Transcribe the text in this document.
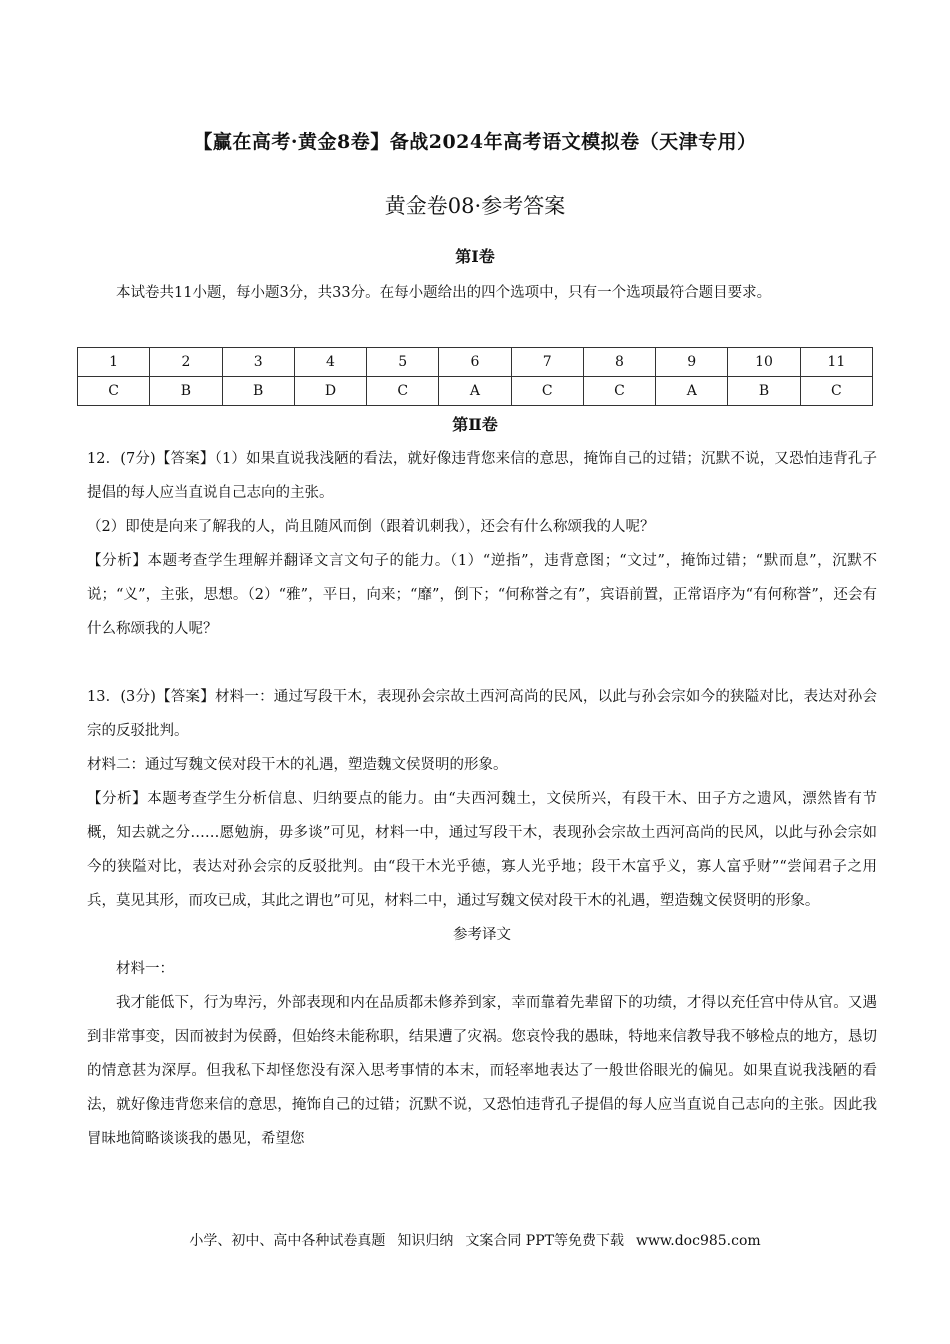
【赢在高考·黄金8卷】备战2024年高考语文模拟卷（天津专用）
黄金卷08·参考答案
第Ⅰ卷
本试卷共11小题，每小题3分，共33分。在每小题给出的四个选项中，只有一个选项最符合题目要求。
1	2	3	4	5	6	7	8	9	10	11
C	B	B	D	C	A	C	C	A	B	C
第Ⅱ卷

12．(7分)【答案】（1）如果直说我浅陋的看法，就好像违背您来信的意思，掩饰自己的过错；沉默不说，又恐怕违背孔子提倡的每人应当直说自己志向的主张。

（2）即使是向来了解我的人，尚且随风而倒（跟着讥刺我），还会有什么称颂我的人呢？

【分析】本题考查学生理解并翻译文言文句子的能力。（1）“逆指”，违背意图；“文过”，掩饰过错；“默而息”，沉默不说；“义”，主张，思想。（2）“雅”，平日，向来；“靡”，倒下；“何称誉之有”，宾语前置，正常语序为“有何称誉”，还会有什么称颂我的人呢？

13．(3分)【答案】材料一：通过写段干木，表现孙会宗故土西河高尚的民风，以此与孙会宗如今的狭隘对比，表达对孙会宗的反驳批判。

材料二：通过写魏文侯对段干木的礼遇，塑造魏文侯贤明的形象。

【分析】本题考查学生分析信息、归纳要点的能力。由“夫西河魏土，文侯所兴，有段干木、田子方之遗风，漂然皆有节概，知去就之分……愿勉旃，毋多谈”可见，材料一中，通过写段干木，表现孙会宗故土西河高尚的民风，以此与孙会宗如今的狭隘对比，表达对孙会宗的反驳批判。由“段干木光乎德，寡人光乎地；段干木富乎义，寡人富乎财”“尝闻君子之用兵，莫见其形，而攻已成，其此之谓也”可见，材料二中，通过写魏文侯对段干木的礼遇，塑造魏文侯贤明的形象。

参考译文

材料一：

我才能低下，行为卑污，外部表现和内在品质都未修养到家，幸而靠着先辈留下的功绩，才得以充任宫中侍从官。又遇到非常事变，因而被封为侯爵，但始终未能称职，结果遭了灾祸。您哀怜我的愚昧，特地来信教导我不够检点的地方，恳切的情意甚为深厚。但我私下却怪您没有深入思考事情的本末，而轻率地表达了一般世俗眼光的偏见。如果直说我浅陋的看法，就好像违背您来信的意思，掩饰自己的过错；沉默不说，又恐怕违背孔子提倡的每人应当直说自己志向的主张。因此我冒昧地简略谈谈我的愚见，希望您

小学、初中、高中各种试卷真题 知识归纳 文案合同 PPT等免费下载 www.doc985.com
